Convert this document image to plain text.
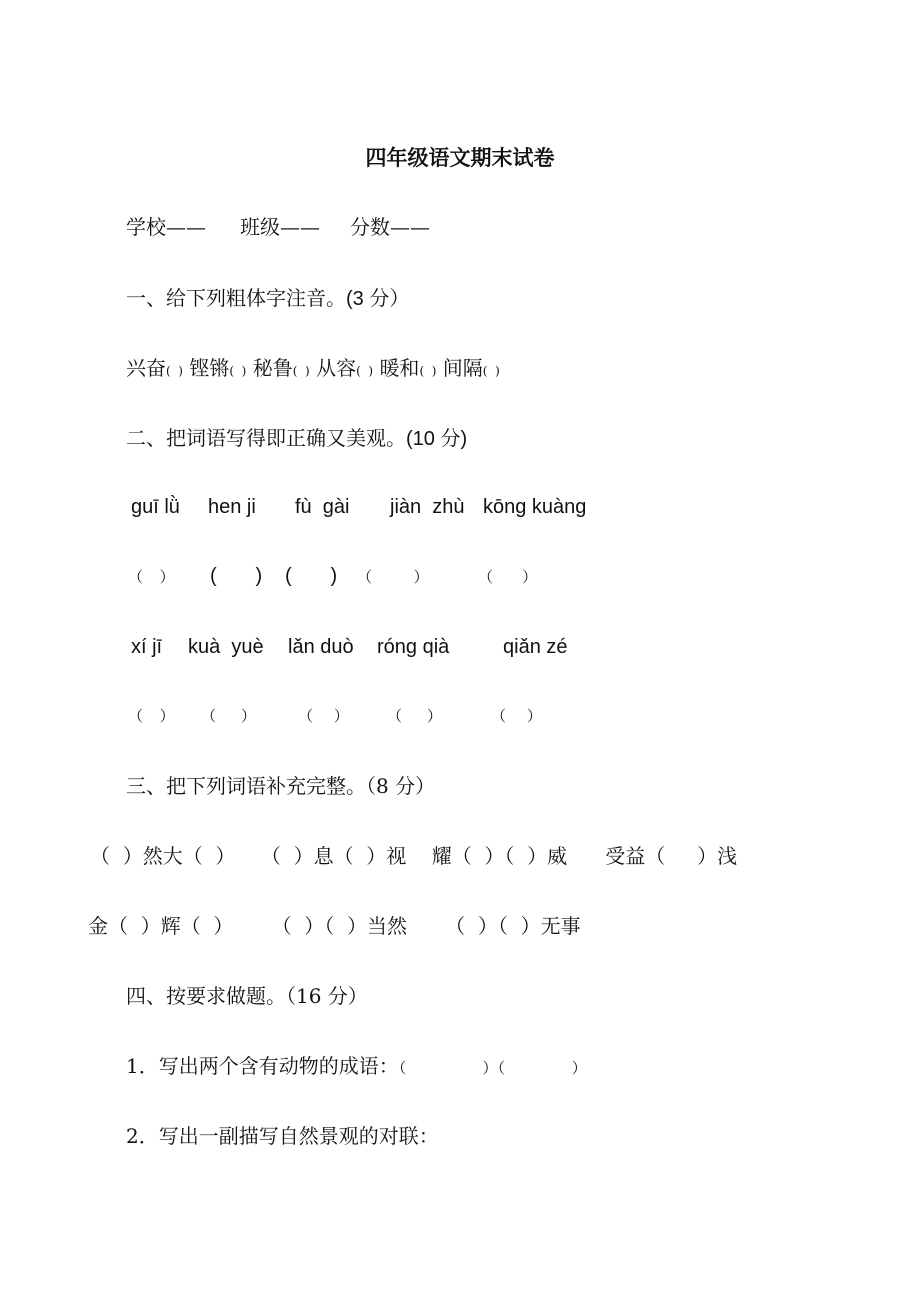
四年级语文期末试卷
学校—— 班级—— 分数——
一、给下列粗体字注音。(3 分）
兴奋(  ) 铿锵(  ) 秘鲁(  ) 从容(  ) 暖和(  ) 间隔(  )
二、把词语写得即正确又美观。(10 分)
guī lǜ hen ji fù  gài jiàn  zhù kōng kuàng
（    ） (       ) (       ) （          ）	（       ）
xí jī kuà  yuè lǎn duò róng qià	qiǎn zé
（    ） （      ）	（     ）	（      ）	（     ）
三、把下列词语补充完整。（8 分）
（  ）然大（  ）    （  ）息（  ）视    耀（  ）（  ）威      受益（     ）浅
金（  ）辉（  ）      （  ）（  ）当然      （  ）（  ）无事
四、按要求做题。（16 分）
1．写出两个含有动物的成语：（                ）（              ）
2．写出一副描写自然景观的对联：
